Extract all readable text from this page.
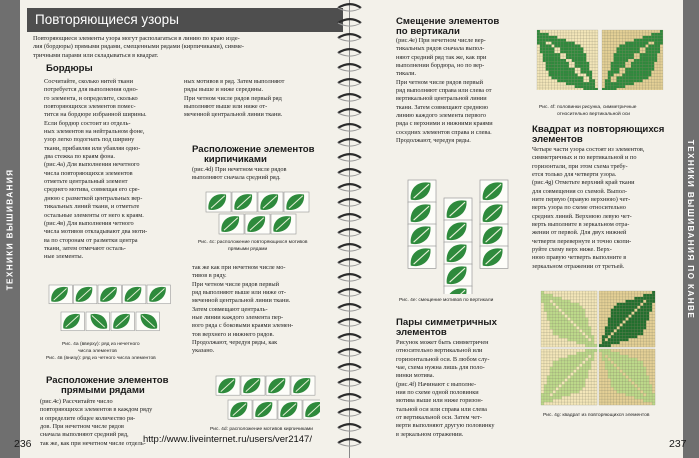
ТЕХНИКИ ВЫШИВАНИЯ
Повторяющиеся узоры
Повторяющиеся элементы узора могут располагаться в линию по краю изде-
лия (бордюры) прямыми рядами, смещенными рядами (кирпичиками), симме-
тричными парами или складываться в квадрат.
Бордюры
Сосчитайте, сколько нитей ткани
потребуется для выполнения одно-
го элемента, и определите, сколько
повторяющихся элементов помес-
тится на бордюре избранной ширины.
Если бордюр состоит из отдель-
ных элементов на нейтральном фоне,
узор легко подогнать под ширину
ткани, прибавляя или убавляя одно-
два стежка по краям фона.
(рис.4а) Для выполнения нечетного
числа повторяющихся элементов
отметьте центральный элемент
среднего мотива, совмещая его сре-
днюю с разметкой центральных вер-
тикальных линий ткани, и отметьте
остальные элементы от него к краям.
(рис.4в) Для выполнения четного
числа мотивов откладывают два моти-
ва по сторонам от разметки центра
ткани, затем отмечают осталь-
ные элементы.
Рис. 4а (вверху): ряд из нечетного
числа элементов
Рис. 4в (внизу): ряд из четного числа элементов
Расположение элементов
прямыми рядами
(рис.4с) Рассчитайте число
повторяющихся элементов в каждом ряду
и определите общее количество ря-
дов. При нечетном числе рядов
сначала выполняют средний ряд,
так же, как при нечетном числе отдель-
ных мотивов в ряд. Затем выполняют
ряды выше и ниже середины.
При четном числе рядов первый ряд
выполняют выше или ниже от-
меченной центральной линии ткани.
Расположение элементов
кирпичиками
(рис.4d) При нечетном числе рядов
выполняют сначала средний ряд.
Рис. 4с: расположение повторяющихся мотивов
прямыми рядами
так же как при нечетном числе мо-
тивов в ряду.
При четном числе рядов первый
ряд выполняют выше или ниже от-
меченной центральной линии ткани.
Затем совмещают централь-
ные линии каждого элемента пер-
вого ряда с боковыми краями элемен-
тов верхнего и нижнего рядов.
Продолжают, чередуя ряды, как
указано.
Рис. 4d: расположение мотивов кирпичиками
236
ТЕХНИКИ ВЫШИВАНИЯ ПО КАНВЕ
Смещение элементов
по вертикали
(рис.4е) При нечетном числе вер-
тикальных рядов сначала выпол-
няют средний ряд так же, как при
выполнении бордюра, но по вер-
тикали.
При четном числе рядов первый
ряд выполняют справа или слева от
вертикальной центральной линии
ткани. Затем совмещают среднюю
линию каждого элемента первого
ряда с верхними и нижними краями
соседних элементов справа и слева.
Продолжают, чередуя ряды.
Рис. 4е: смещение мотивов по вертикали
Пары симметричных
элементов
Рисунок может быть симметричен
относительно вертикальной или
горизонтальной оси. В любом слу-
чае, схема нужна лишь для поло-
винки мотива.
(рис.4f) Начинают с выполне-
ния по схеме одной половинки
мотива выше или ниже горизон-
тальной оси или справа или слева
от вертикальной оси. Затем чет-
верти выполняют другую половинку
в зеркальном отражении.
Рис. 4f: половинки рисунка, симметричные
относительно вертикальной оси
Квадрат из повторяющихся
элементов
Четыре части узора состоят из элементов,
симметричных и по вертикальной и по
горизонтали, при этом схема требу-
ется только для четверти узора.
(рис.4g) Отметьте верхний край ткани
для совмещения со схемой. Выпол-
ните первую (правую верхнюю) чет-
верть узора по схеме относительно
средних линий. Верхнюю левую чет-
верть выполните в зеркальном отра-
жении от первой. Для двух нижней
четверти перевернуте и точно скопи-
руйте схему верх ниже. Верх-
нюю правую четверть выполните в
зеркальном отражении от третьей.
Рис. 4g: квадрат из повторяющихся элементов
237
http://www.liveinternet.ru/users/ver2147/
